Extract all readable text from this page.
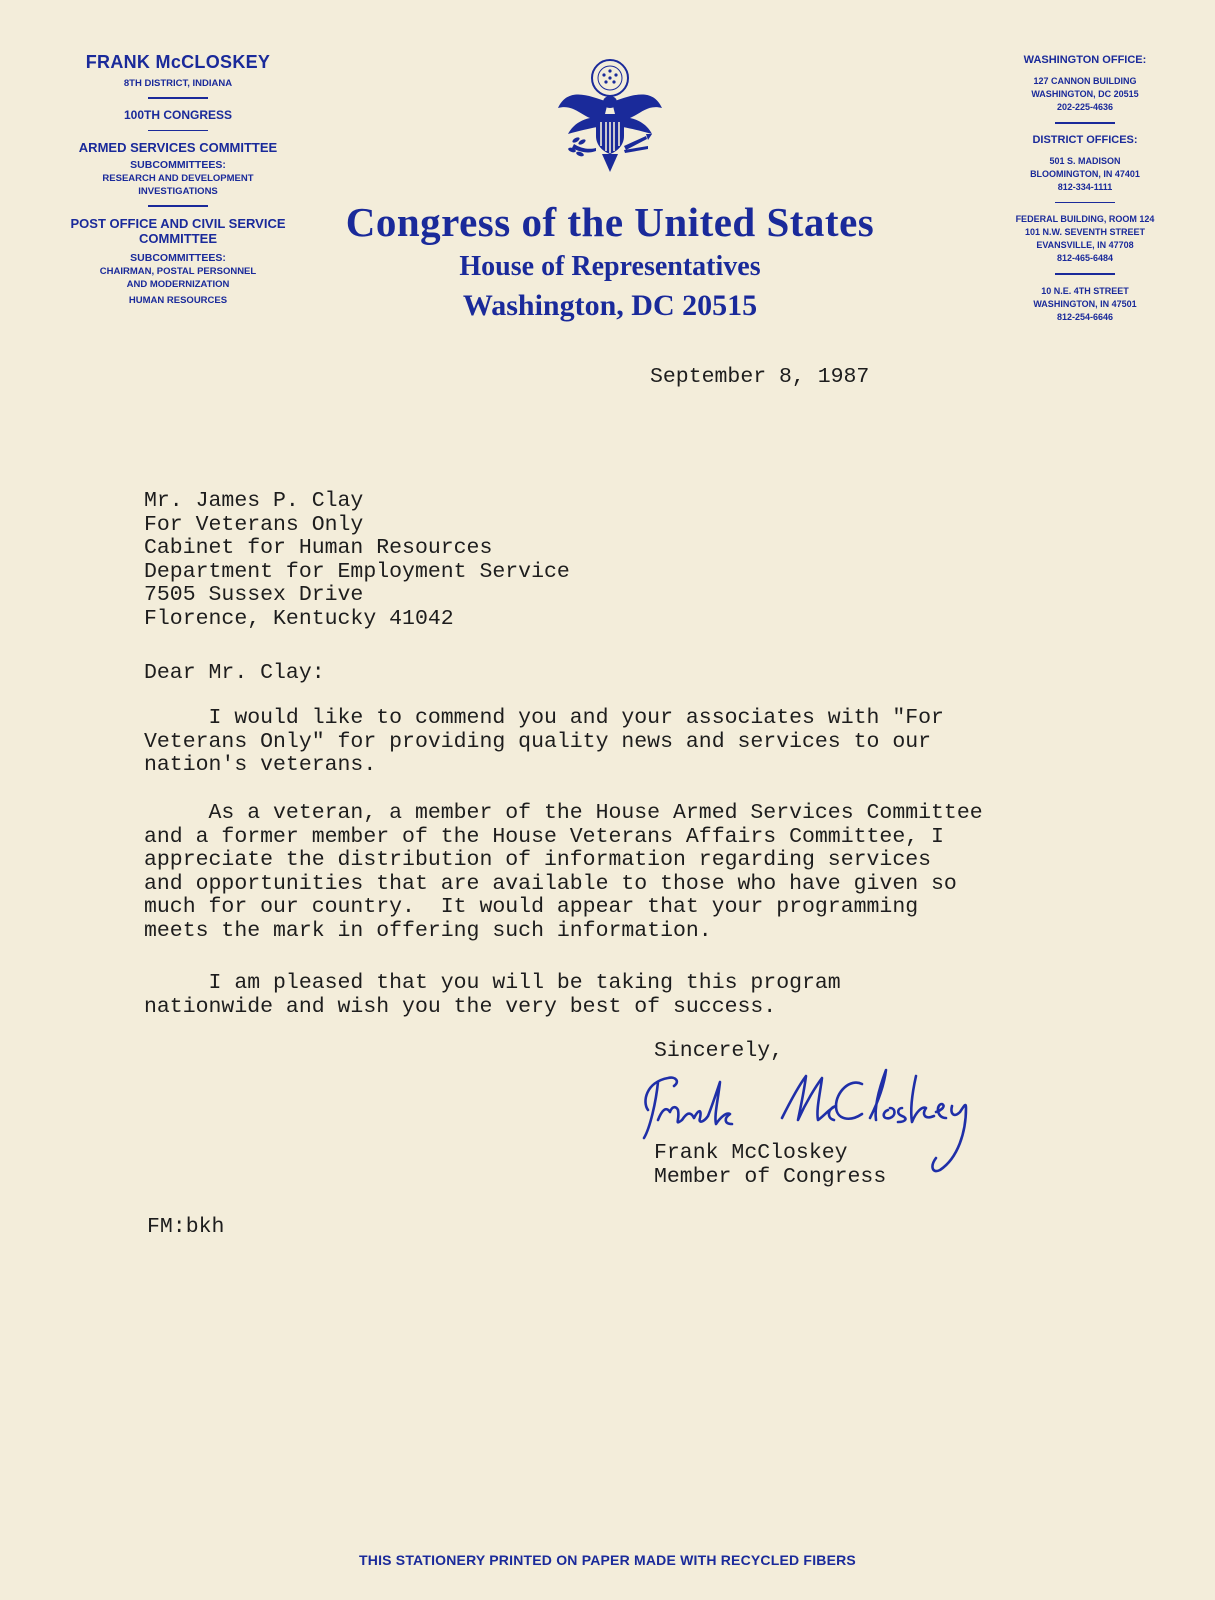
FRANK McCLOSKEY

8TH DISTRICT, INDIANA

100TH CONGRESS

ARMED SERVICES COMMITTEE

SUBCOMMITTEES:

RESEARCH AND DEVELOPMENT

INVESTIGATIONS

POST OFFICE AND CIVIL SERVICE

COMMITTEE

SUBCOMMITTEES:

CHAIRMAN, POSTAL PERSONNEL

AND MODERNIZATION

HUMAN RESOURCES

Congress of the United States

House of Representatives

Washington, DC 20515

WASHINGTON OFFICE:

127 CANNON BUILDING

WASHINGTON, DC 20515

202-225-4636

DISTRICT OFFICES:

501 S. MADISON

BLOOMINGTON, IN 47401

812-334-1111

FEDERAL BUILDING, ROOM 124

101 N.W. SEVENTH STREET

EVANSVILLE, IN 47708

812-465-6484

10 N.E. 4TH STREET

WASHINGTON, IN 47501

812-254-6646

September 8, 1987
Mr. James P. Clay
For Veterans Only
Cabinet for Human Resources
Department for Employment Service
7505 Sussex Drive
Florence, Kentucky 41042
Dear Mr. Clay:
I would like to commend you and your associates with "For
Veterans Only" for providing quality news and services to our
nation's veterans.
As a veteran, a member of the House Armed Services Committee
and a former member of the House Veterans Affairs Committee, I
appreciate the distribution of information regarding services
and opportunities that are available to those who have given so
much for our country.  It would appear that your programming
meets the mark in offering such information.
I am pleased that you will be taking this program
nationwide and wish you the very best of success.
Sincerely,
Frank McCloskey
Member of Congress
FM:bkh
THIS STATIONERY PRINTED ON PAPER MADE WITH RECYCLED FIBERS
